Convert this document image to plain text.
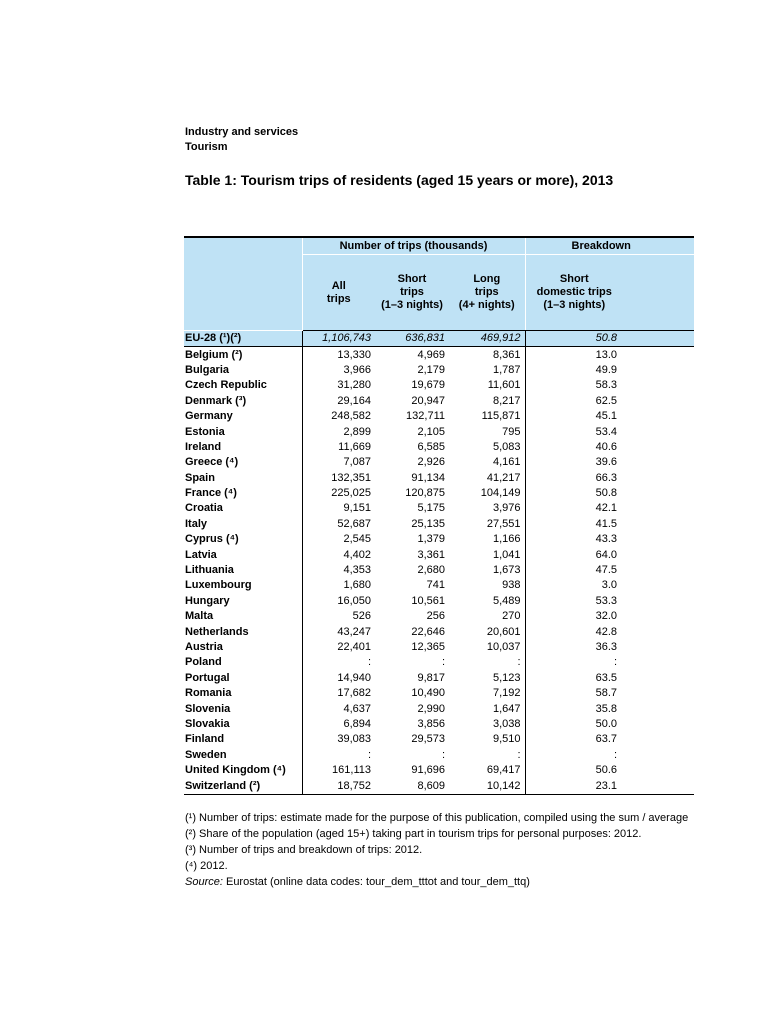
Industry and services
Tourism
Table 1: Tourism trips of residents (aged 15 years or more), 2013
	Number of trips (thousands)			Breakdown	
	All
trips	Short
trips
(1–3 nights)	Long
trips
(4+ nights)	Short
domestic trips
(1–3 nights)	
EU-28 (¹)(²)	1,106,743	636,831	469,912	50.8	
Belgium (²)	13,330	4,969	8,361	13.0	
Bulgaria	3,966	2,179	1,787	49.9	
Czech Republic	31,280	19,679	11,601	58.3	
Denmark (³)	29,164	20,947	8,217	62.5	
Germany	248,582	132,711	115,871	45.1	
Estonia	2,899	2,105	795	53.4	
Ireland	11,669	6,585	5,083	40.6	
Greece (⁴)	7,087	2,926	4,161	39.6	
Spain	132,351	91,134	41,217	66.3	
France (⁴)	225,025	120,875	104,149	50.8	
Croatia	9,151	5,175	3,976	42.1	
Italy	52,687	25,135	27,551	41.5	
Cyprus (⁴)	2,545	1,379	1,166	43.3	
Latvia	4,402	3,361	1,041	64.0	
Lithuania	4,353	2,680	1,673	47.5	
Luxembourg	1,680	741	938	3.0	
Hungary	16,050	10,561	5,489	53.3	
Malta	526	256	270	32.0	
Netherlands	43,247	22,646	20,601	42.8	
Austria	22,401	12,365	10,037	36.3	
Poland	:	:	:	:	
Portugal	14,940	9,817	5,123	63.5	
Romania	17,682	10,490	7,192	58.7	
Slovenia	4,637	2,990	1,647	35.8	
Slovakia	6,894	3,856	3,038	50.0	
Finland	39,083	29,573	9,510	63.7	
Sweden	:	:	:	:	
United Kingdom (⁴)	161,113	91,696	69,417	50.6	
Switzerland (²)	18,752	8,609	10,142	23.1	
(¹) Number of trips: estimate made for the purpose of this publication, compiled using the sum / average
(²) Share of the population (aged 15+) taking part in tourism trips for personal purposes: 2012.
(³) Number of trips and breakdown of trips: 2012.
(⁴) 2012.
Source: Eurostat (online data codes: tour_dem_tttot and tour_dem_ttq)
